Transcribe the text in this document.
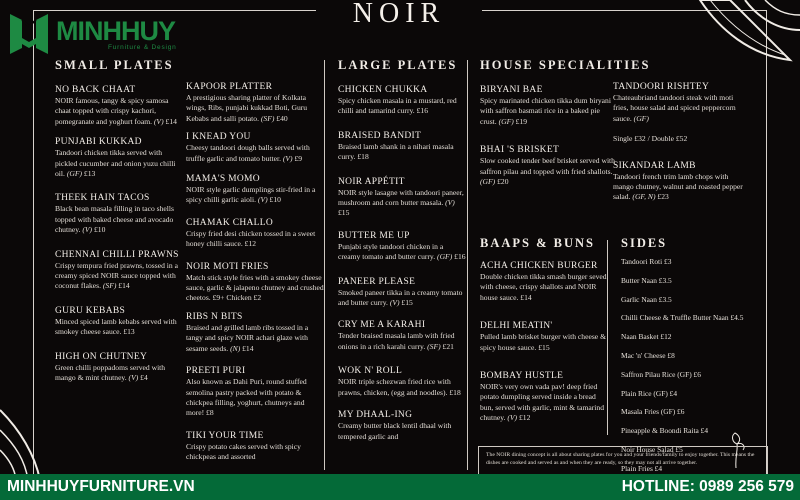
NOIR
MINHHUY
Furniture & Design
SMALL PLATES
NO BACK CHAAT
NOIR famous, tangy & spicy samosa chaat topped with crispy kachori, pomegranate and yoghurt foam. (V) £14
PUNJABI KUKKAD
Tandoori chicken tikka served with pickled cucumber and onion yuzu chilli oil. (GF) £13
THEEK HAIN TACOS
Black bean masala filling in taco shells topped with baked cheese and avocado chutney. (V) £10
CHENNAI CHILLI PRAWNS
Crispy tempura fried prawns, tossed in a creamy spiced NOIR sauce topped with coconut flakes. (SF) £14
GURU KEBABS
Minced spiced lamb kebabs served with smokey cheese sauce. £13
HIGH ON CHUTNEY
Green chilli poppadoms served with mango & mint chutney. (V) £4
KAPOOR PLATTER
A prestigious sharing platter of Kolkata wings, Ribs, punjabi kukkad Boti, Guru Kebabs and salli potato. (SF) £40
I KNEAD YOU
Cheesy tandoori dough balls served with truffle garlic and tomato butter. (V) £9
MAMA'S MOMO
NOIR style garlic dumplings stir-fried in a spicy chilli garlic aioli. (V) £10
CHAMAK CHALLO
Crispy fried desi chicken tossed in a sweet honey chilli sauce. £12
NOIR MOTI FRIES
Match stick style fries with a smokey cheese sauce, garlic & jalapeno chutney and crushed cheetos. £9+ Chicken £2
RIBS N BITS
Braised and grilled lamb ribs tossed in a tangy and spicy NOIR achari glaze with sesame seeds. (N) £14
PREETI PURI
Also known as Dahi Puri, round stuffed semolina pastry packed with potato & chickpea filling, yoghurt, chutneys and more! £8
TIKI YOUR TIME
Crispy potato cakes served with spicy chickpeas and assorted
LARGE PLATES
CHICKEN CHUKKA
Spicy chicken masala in a mustard, red chilli and tamarind curry. £16
BRAISED BANDIT
Braised lamb shank in a nihari masala curry. £18
NOIR APPÉTIT
NOIR style lasagne with tandoori paneer, mushroom and corn butter masala. (V) £15
BUTTER ME UP
Punjabi style tandoori chicken in a creamy tomato and butter curry. (GF) £16
PANEER PLEASE
Smoked paneer tikka in a creamy tomato and butter curry. (V) £15
CRY ME A KARAHI
Tender braised masala lamb with fried onions in a rich karahi curry. (SF) £21
WOK N' ROLL
NOIR triple schezwan fried rice with prawns, chicken, (egg and noodles). £18
MY DHAAL-ING
Creamy butter black lentil dhaal with tempered garlic and
HOUSE SPECIALITIES
BIRYANI BAE
Spicy marinated chicken tikka dum biryani with saffron basmati rice in a baked pie crust. (GF) £19
BHAI 'S BRISKET
Slow cooked tender beef brisket served with saffron pilau and topped with fried shallots. (GF) £20
TANDOORI RISHTEY
Chateaubriand tandoori steak with moti fries, house salad and spiced peppercorn sauce. (GF)
Single £32 / Double £52
SIKANDAR LAMB
Tandoori french trim lamb chops with mango chutney, walnut and roasted pepper salad. (GF, N) £23
BAAPS & BUNS
ACHA CHICKEN BURGER
Double chicken tikka smash burger seved with cheese, crispy shallots and NOIR house sauce. £14
DELHI MEATIN'
Pulled lamb brisket burger with cheese & spicy house sauce. £15
BOMBAY HUSTLE
NOIR's very own vada pav! deep fried potato dumpling served inside a bread bun, served with garlic, mint & tamarind chutney. (V) £12
SIDES
Tandoori Roti £3
Butter Naan £3.5
Garlic Naan £3.5
Chilli Cheese & Truffle Butter Naan £4.5
Naan Basket £12
Mac 'n' Cheese £8
Saffron Pilau Rice (GF) £6
Plain Rice (GF) £4
Masala Fries (GF) £6
Pineapple & Boondi Raita £4
Noir House Salad £5
Plain Fries £4
The NOIR dining concept is all about sharing plates for you and your friends/family to enjoy together. This means the dishes are cooked and served as and when they are ready, so they may not all arrive together.
MINHHUYFURNITURE.VN	HOTLINE: 0989 256 579
